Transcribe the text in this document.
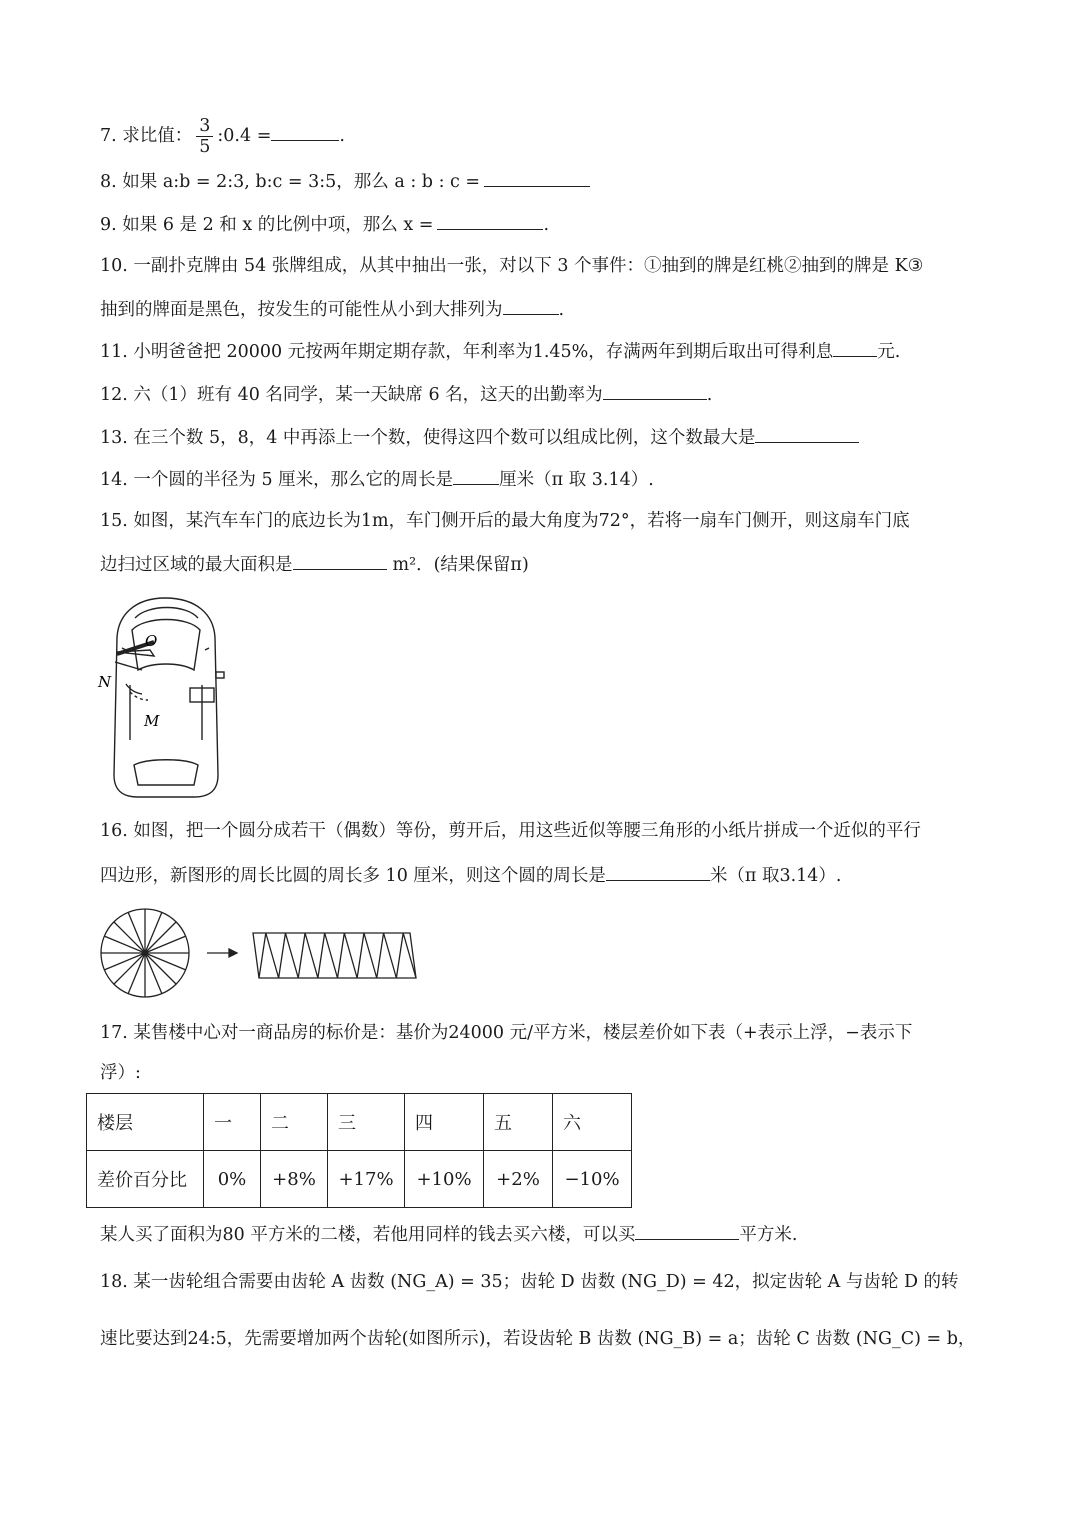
7. 求比值： $\frac{3}{5}$ :0.4 =	.
8. 如果 a:b = 2:3, b:c = 3:5，那么 a : b : c =
9. 如果 6 是 2 和 x 的比例中项，那么 x =	.
10. 一副扑克牌由 54 张牌组成，从其中抽出一张，对以下 3 个事件：①抽到的牌是红桃②抽到的牌是 K③
抽到的牌面是黑色，按发生的可能性从小到大排列为	.
11. 小明爸爸把 20000 元按两年期定期存款，年利率为1.45%，存满两年到期后取出可得利息	元.
12. 六（1）班有 40 名同学，某一天缺席 6 名，这天的出勤率为	.
13. 在三个数 5，8，4 中再添上一个数，使得这四个数可以组成比例，这个数最大是
14. 一个圆的半径为 5 厘米，那么它的周长是	厘米（π 取 3.14）.
15. 如图，某汽车车门的底边长为1m，车门侧开后的最大角度为72°，若将一扇车门侧开，则这扇车门底
边扫过区域的最大面积是	m²．(结果保留π)
O
N
M
16. 如图，把一个圆分成若干（偶数）等份，剪开后，用这些近似等腰三角形的小纸片拼成一个近似的平行
四边形，新图形的周长比圆的周长多 10 厘米，则这个圆的周长是	米（π 取3.14）.
17. 某售楼中心对一商品房的标价是：基价为24000 元/平方米，楼层差价如下表（+表示上浮，−表示下
浮）:
楼层	一	二	三	四	五	六
差价百分比	0%	+8%	+17%	+10%	+2%	−10%
某人买了面积为80 平方米的二楼，若他用同样的钱去买六楼，可以买	平方米.
18. 某一齿轮组合需要由齿轮 A 齿数 (NG_A) = 35；齿轮 D 齿数 (NG_D) = 42，拟定齿轮 A 与齿轮 D 的转
速比要达到24:5，先需要增加两个齿轮(如图所示)，若设齿轮 B 齿数 (NG_B) = a；齿轮 C 齿数 (NG_C) = b，
